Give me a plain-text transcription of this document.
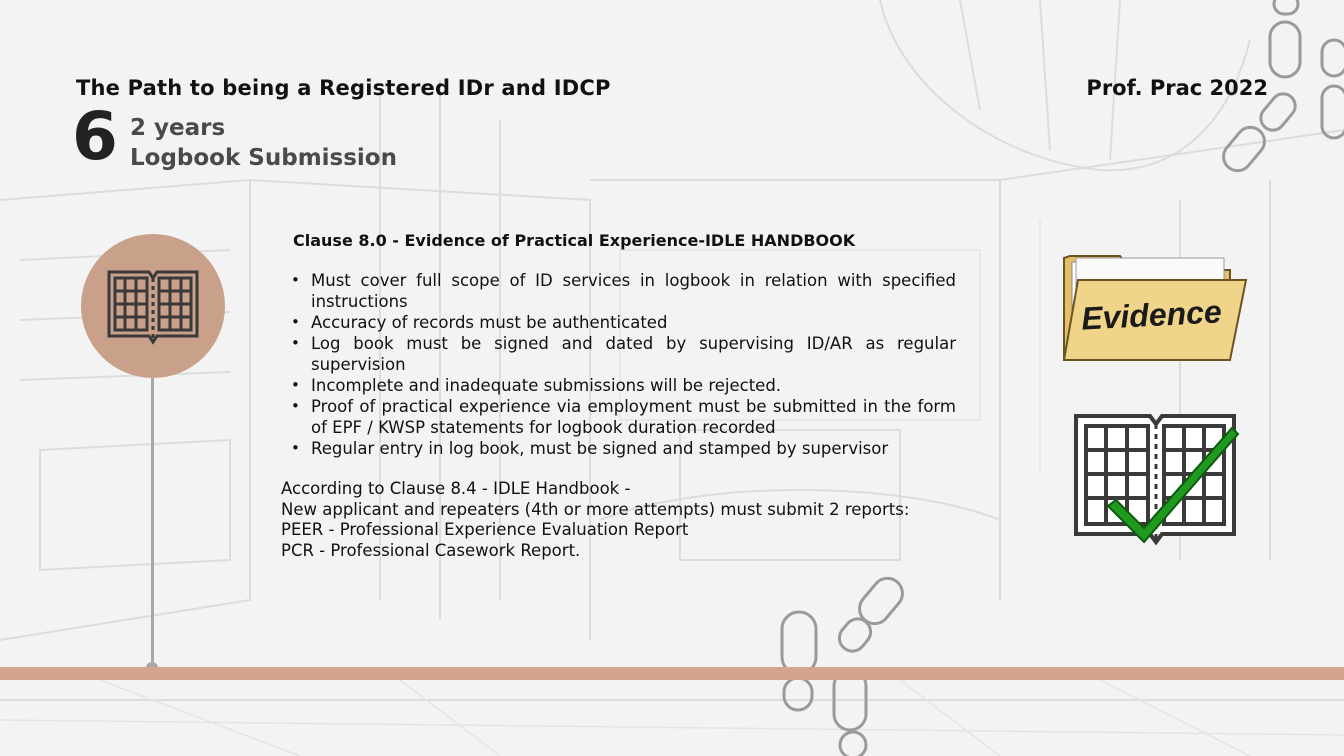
The Path to being a Registered IDr and IDCP	Prof. Prac 2022
6 2 years
Logbook Submission
Clause 8.0 - Evidence of Practical Experience-IDLE HANDBOOK
• Must cover full scope of ID services in logbook in relation with specified instructions
• Accuracy of records must be authenticated
• Log book must be signed and dated by supervising ID/AR as regular supervision
• Incomplete and inadequate submissions will be rejected.
• Proof of practical experience via employment must be submitted in the form of EPF / KWSP statements for logbook duration recorded
• Regular entry in log book, must be signed and stamped by supervisor
According to Clause 8.4 - IDLE Handbook -
New applicant and repeaters (4th or more attempts) must submit 2 reports:
PEER - Professional Experience Evaluation Report
PCR - Professional Casework Report.
Evidence
